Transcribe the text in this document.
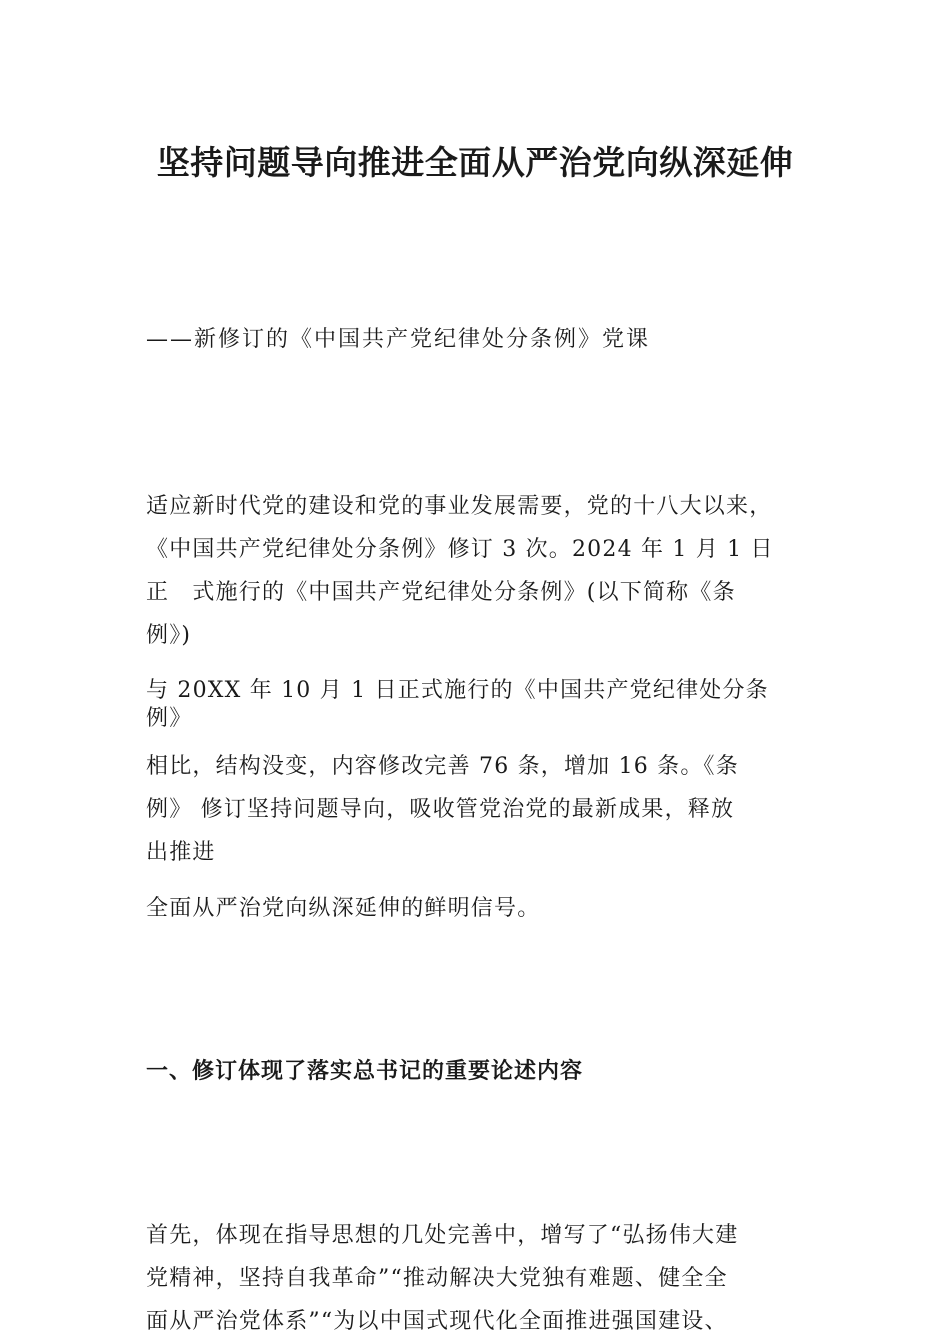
坚持问题导向推进全面从严治党向纵深延伸
——新修订的《中国共产党纪律处分条例》党课
适应新时代党的建设和党的事业发展需要，党的十八大以来，
《中国共产党纪律处分条例》修订 3 次。2024 年 1 月 1 日
正　式施行的《中国共产党纪律处分条例》(以下简称《条
例》)
与 20XX 年 10 月 1 日正式施行的《中国共产党纪律处分条
例》
相比，结构没变，内容修改完善 76 条，增加 16 条。《条
例》 修订坚持问题导向，吸收管党治党的最新成果，释放
出推进
全面从严治党向纵深延伸的鲜明信号。
一、修订体现了落实总书记的重要论述内容
首先，体现在指导思想的几处完善中，增写了“弘扬伟大建
党精神，坚持自我革命”“推动解决大党独有难题、健全全
面从严治党体系”“为以中国式现代化全面推进强国建设、
